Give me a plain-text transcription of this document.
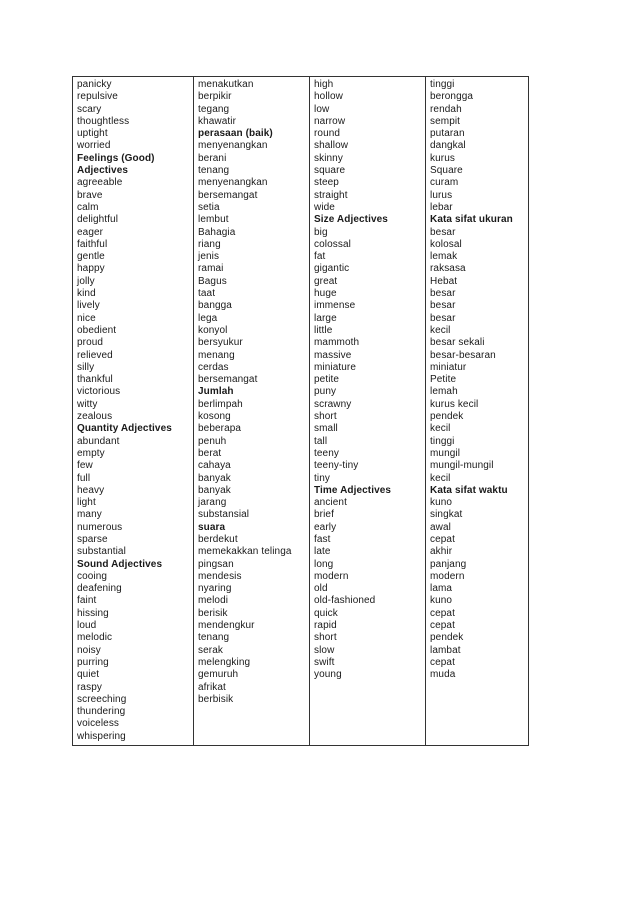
panicky
repulsive
scary
thoughtless
uptight
worried
Feelings (Good)
Adjectives
agreeable
brave
calm
delightful
eager
faithful
gentle
happy
jolly
kind
lively
nice
obedient
proud
relieved
silly
thankful
victorious
witty
zealous
Quantity Adjectives
abundant
empty
few
full
heavy
light
many
numerous
sparse
substantial
Sound Adjectives
cooing
deafening
faint
hissing
loud
melodic
noisy
purring
quiet
raspy
screeching
thundering
voiceless
whispering
menakutkan
berpikir
tegang
khawatir
perasaan (baik)
menyenangkan
berani
tenang
menyenangkan
bersemangat
setia
lembut
Bahagia
riang
jenis
ramai
Bagus
taat
bangga
lega
konyol
bersyukur
menang
cerdas
bersemangat
Jumlah
berlimpah
kosong
beberapa
penuh
berat
cahaya
banyak
banyak
jarang
substansial
suara
berdekut
memekakkan telinga
pingsan
mendesis
nyaring
melodi
berisik
mendengkur
tenang
serak
melengking
gemuruh
afrikat
berbisik
high
hollow
low
narrow
round
shallow
skinny
square
steep
straight
wide
Size Adjectives
big
colossal
fat
gigantic
great
huge
immense
large
little
mammoth
massive
miniature
petite
puny
scrawny
short
small
tall
teeny
teeny-tiny
tiny
Time Adjectives
ancient
brief
early
fast
late
long
modern
old
old-fashioned
quick
rapid
short
slow
swift
young
tinggi
berongga
rendah
sempit
putaran
dangkal
kurus
Square
curam
lurus
lebar
Kata sifat ukuran
besar
kolosal
lemak
raksasa
Hebat
besar
besar
besar
kecil
besar sekali
besar-besaran
miniatur
Petite
lemah
kurus kecil
pendek
kecil
tinggi
mungil
mungil-mungil
kecil
Kata sifat waktu
kuno
singkat
awal
cepat
akhir
panjang
modern
lama
kuno
cepat
cepat
pendek
lambat
cepat
muda
